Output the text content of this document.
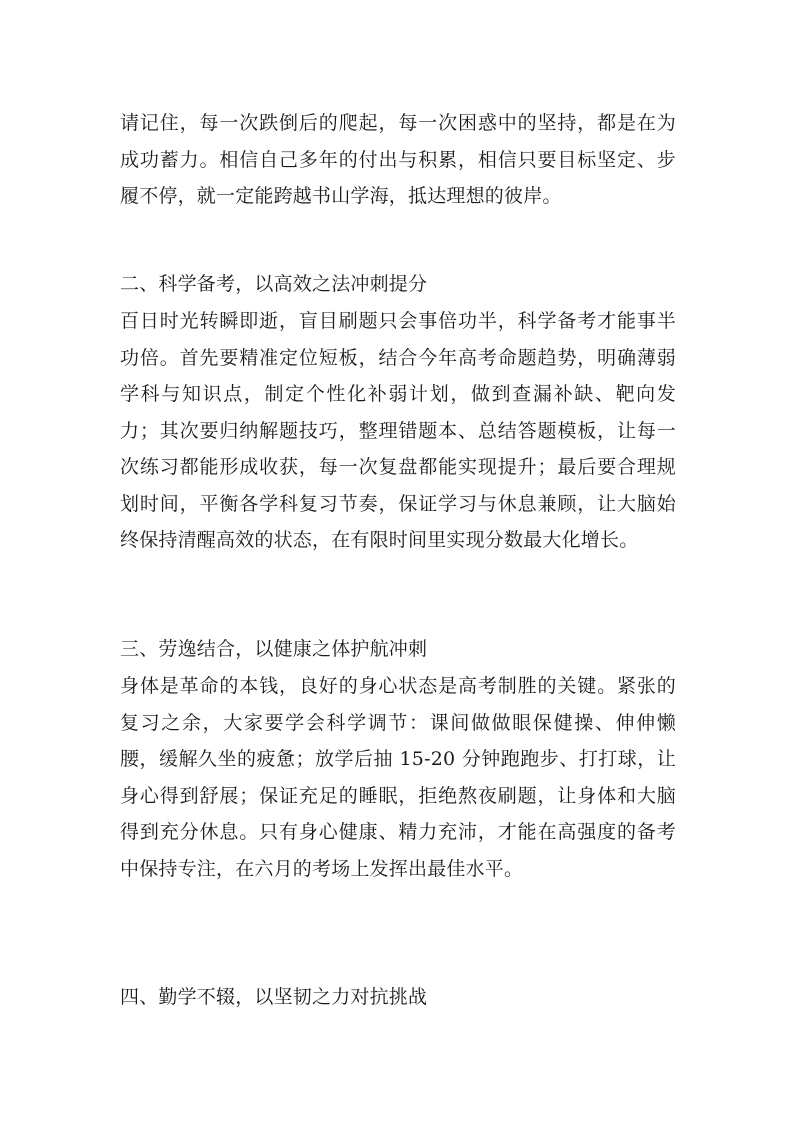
请记住，每一次跌倒后的爬起，每一次困惑中的坚持，都是在为成功蓄力。相信自己多年的付出与积累，相信只要目标坚定、步履不停，就一定能跨越书山学海，抵达理想的彼岸。

二、科学备考，以高效之法冲刺提分

百日时光转瞬即逝，盲目刷题只会事倍功半，科学备考才能事半功倍。首先要精准定位短板，结合今年高考命题趋势，明确薄弱学科与知识点，制定个性化补弱计划，做到查漏补缺、靶向发力；其次要归纳解题技巧，整理错题本、总结答题模板，让每一次练习都能形成收获，每一次复盘都能实现提升；最后要合理规划时间，平衡各学科复习节奏，保证学习与休息兼顾，让大脑始终保持清醒高效的状态，在有限时间里实现分数最大化增长。

三、劳逸结合，以健康之体护航冲刺

身体是革命的本钱，良好的身心状态是高考制胜的关键。紧张的复习之余，大家要学会科学调节：课间做做眼保健操、伸伸懒腰，缓解久坐的疲惫；放学后抽 15-20 分钟跑跑步、打打球，让身心得到舒展；保证充足的睡眠，拒绝熬夜刷题，让身体和大脑得到充分休息。只有身心健康、精力充沛，才能在高强度的备考中保持专注，在六月的考场上发挥出最佳水平。

四、勤学不辍，以坚韧之力对抗挑战
